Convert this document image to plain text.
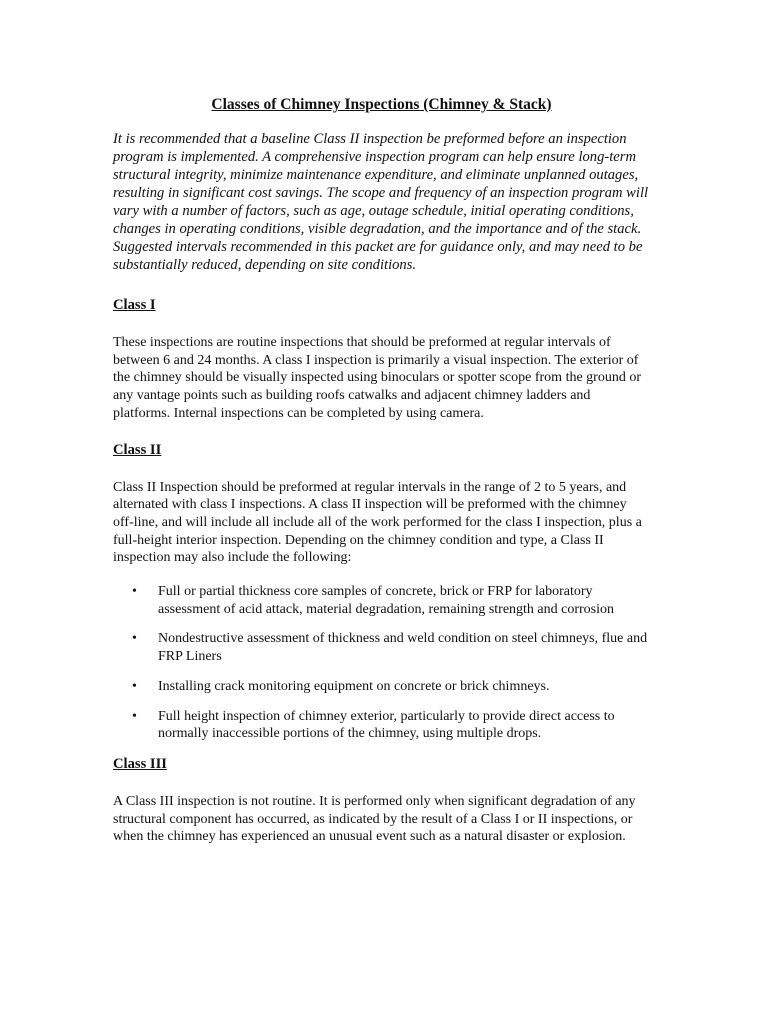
Classes of Chimney Inspections (Chimney & Stack)

It is recommended that a baseline Class II inspection be preformed before an inspection program is implemented. A comprehensive inspection program can help ensure long-term structural integrity, minimize maintenance expenditure, and eliminate unplanned outages, resulting in significant cost savings. The scope and frequency of an inspection program will vary with a number of factors, such as age, outage schedule, initial operating conditions, changes in operating conditions, visible degradation, and the importance and of the stack. Suggested intervals recommended in this packet are for guidance only, and may need to be substantially reduced, depending on site conditions.

Class I

These inspections are routine inspections that should be preformed at regular intervals of between 6 and 24 months. A class I inspection is primarily a visual inspection. The exterior of the chimney should be visually inspected using binoculars or spotter scope from the ground or any vantage points such as building roofs catwalks and adjacent chimney ladders and platforms. Internal inspections can be completed by using camera.

Class II

Class II Inspection should be preformed at regular intervals in the range of 2 to 5 years, and alternated with class I inspections. A class II inspection will be preformed with the chimney off-line, and will include all include all of the work performed for the class I inspection, plus a full-height interior inspection. Depending on the chimney condition and type, a Class II inspection may also include the following:

• Full or partial thickness core samples of concrete, brick or FRP for laboratory assessment of acid attack, material degradation, remaining strength and corrosion
• Nondestructive assessment of thickness and weld condition on steel chimneys, flue and FRP Liners
• Installing crack monitoring equipment on concrete or brick chimneys.
• Full height inspection of chimney exterior, particularly to provide direct access to normally inaccessible portions of the chimney, using multiple drops.
Class III

A Class III inspection is not routine. It is performed only when significant degradation of any structural component has occurred, as indicated by the result of a Class I or II inspections, or when the chimney has experienced an unusual event such as a natural disaster or explosion.
